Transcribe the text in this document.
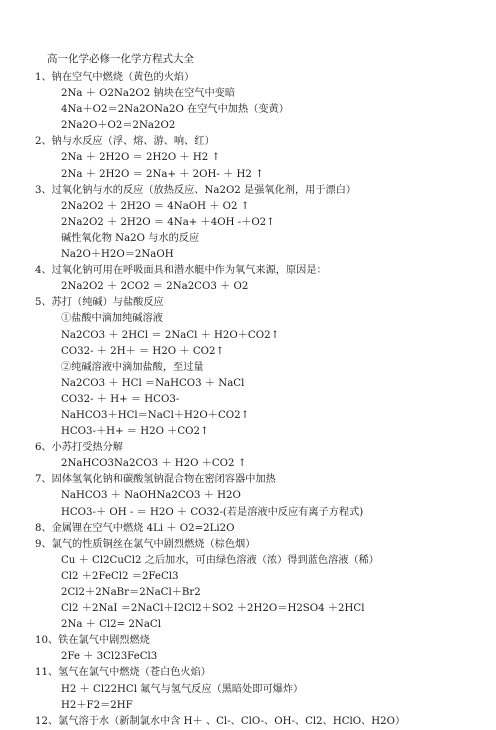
高一化学必修一化学方程式大全
1、钠在空气中燃烧（黄色的火焰）
2Na ＋ O2Na2O2 钠块在空气中变暗
4Na＋O2＝2Na2ONa2O 在空气中加热（变黄）
2Na2O＋O2＝2Na2O2
2、钠与水反应（浮、熔、游、响、红）
2Na ＋ 2H2O ＝ 2H2O ＋ H2 ↑
2Na ＋ 2H2O ＝ 2Na+ ＋ 2OH- ＋ H2 ↑
3、过氧化钠与水的反应（放热反应、Na2O2 是强氧化剂，用于漂白）
2Na2O2 ＋ 2H2O ＝ 4NaOH ＋ O2 ↑
2Na2O2 ＋ 2H2O ＝ 4Na+ ＋4OH -＋O2↑
碱性氧化物 Na2O 与水的反应
Na2O＋H2O＝2NaOH
4、过氧化钠可用在呼吸面具和潜水艇中作为氧气来源，原因是：
2Na2O2 ＋ 2CO2 ＝ 2Na2CO3 ＋ O2
5、苏打（纯碱）与盐酸反应
①盐酸中滴加纯碱溶液
Na2CO3 ＋ 2HCl ＝ 2NaCl ＋ H2O＋CO2↑
CO32- ＋ 2H＋ ＝ H2O ＋ CO2↑
②纯碱溶液中滴加盐酸，至过量
Na2CO3 ＋ HCl ＝NaHCO3 ＋ NaCl
CO32- ＋ H+ ＝ HCO3-
NaHCO3＋HCl＝NaCl＋H2O＋CO2↑
HCO3-＋H+ ＝ H2O ＋CO2↑
6、小苏打受热分解
2NaHCO3Na2CO3 ＋ H2O ＋CO2 ↑
7、固体氢氧化钠和碳酸氢钠混合物在密闭容器中加热
NaHCO3 ＋ NaOHNa2CO3 ＋ H2O
HCO3-＋ OH - ＝ H2O ＋ CO32-(若是溶液中反应有离子方程式)
8、金属锂在空气中燃烧 4Li ＋ O2=2Li2O
9、氯气的性质铜丝在氯气中剧烈燃烧（棕色烟）
Cu ＋ Cl2CuCl2 之后加水，可由绿色溶液（浓）得到蓝色溶液（稀）
Cl2 ＋2FeCl2 ＝2FeCl3
2Cl2＋2NaBr＝2NaCl＋Br2
Cl2 ＋2NaI ＝2NaCl＋I2Cl2＋SO2 ＋2H2O＝H2SO4 ＋2HCl
2Na ＋ Cl2= 2NaCl
10、铁在氯气中剧烈燃烧
2Fe ＋ 3Cl23FeCl3
11、氢气在氯气中燃烧（苍白色火焰）
H2 ＋ Cl22HCl 氟气与氢气反应（黑暗处即可爆炸）
H2＋F2＝2HF
12、氯气溶于水（新制氯水中含 H＋ 、Cl-、ClO-、OH-、Cl2、HClO、H2O）
